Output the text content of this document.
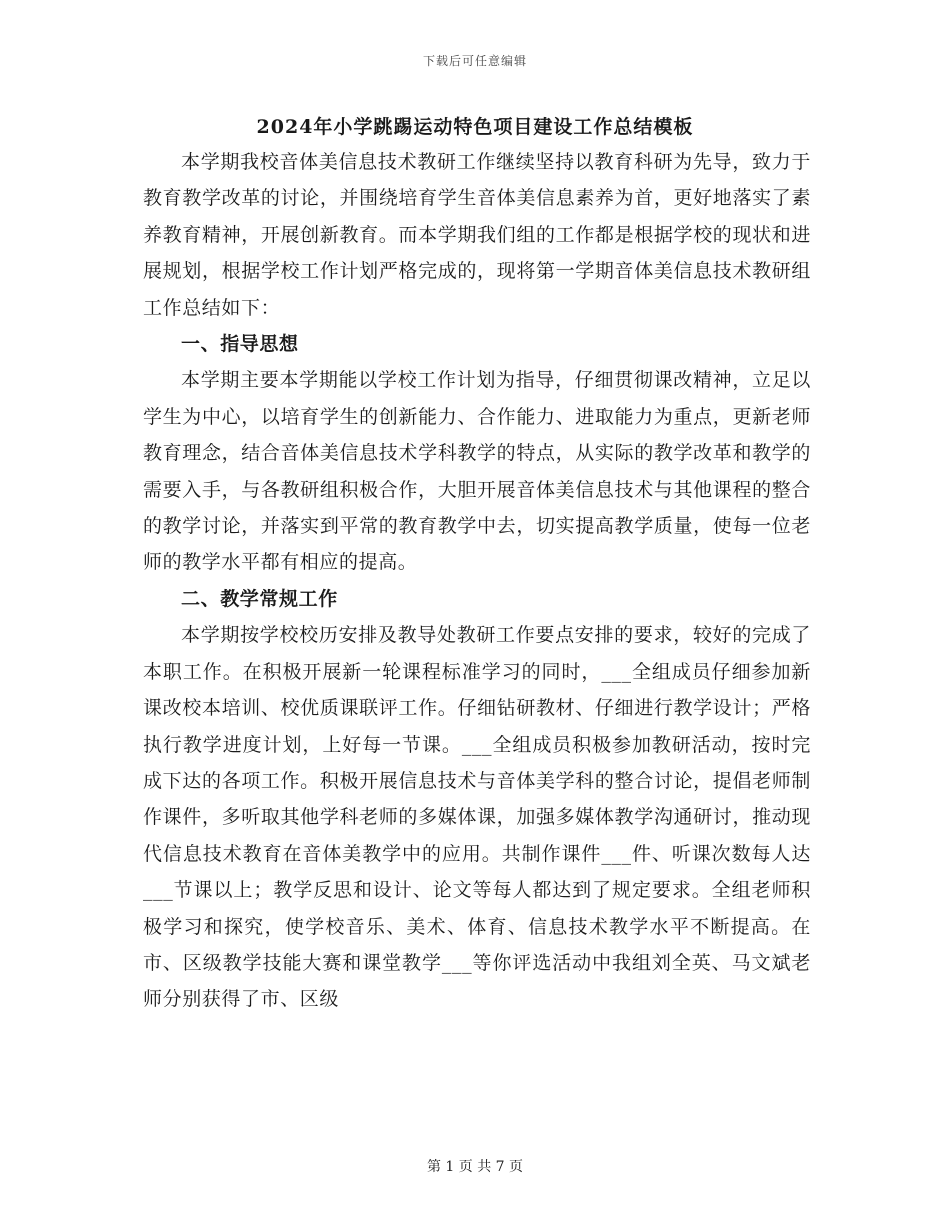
下载后可任意编辑
2024年小学跳踢运动特色项目建设工作总结模板

本学期我校音体美信息技术教研工作继续坚持以教育科研为先导，致力于教育教学改革的讨论，并围绕培育学生音体美信息素养为首，更好地落实了素养教育精神，开展创新教育。而本学期我们组的工作都是根据学校的现状和进展规划，根据学校工作计划严格完成的，现将第一学期音体美信息技术教研组工作总结如下：

一、指导思想

本学期主要本学期能以学校工作计划为指导，仔细贯彻课改精神，立足以学生为中心，以培育学生的创新能力、合作能力、进取能力为重点，更新老师教育理念，结合音体美信息技术学科教学的特点，从实际的教学改革和教学的需要入手，与各教研组积极合作，大胆开展音体美信息技术与其他课程的整合的教学讨论，并落实到平常的教育教学中去，切实提高教学质量，使每一位老师的教学水平都有相应的提高。

二、教学常规工作

本学期按学校校历安排及教导处教研工作要点安排的要求，较好的完成了本职工作。在积极开展新一轮课程标准学习的同时，___全组成员仔细参加新课改校本培训、校优质课联评工作。仔细钻研教材、仔细进行教学设计；严格执行教学进度计划，上好每一节课。___全组成员积极参加教研活动，按时完成下达的各项工作。积极开展信息技术与音体美学科的整合讨论，提倡老师制作课件，多听取其他学科老师的多媒体课，加强多媒体教学沟通研讨，推动现代信息技术教育在音体美教学中的应用。共制作课件___件、听课次数每人达___节课以上；教学反思和设计、论文等每人都达到了规定要求。全组老师积极学习和探究，使学校音乐、美术、体育、信息技术教学水平不断提高。在市、区级教学技能大赛和课堂教学___等你评选活动中我组刘全英、马文斌老师分别获得了市、区级

第 1 页 共 7 页
